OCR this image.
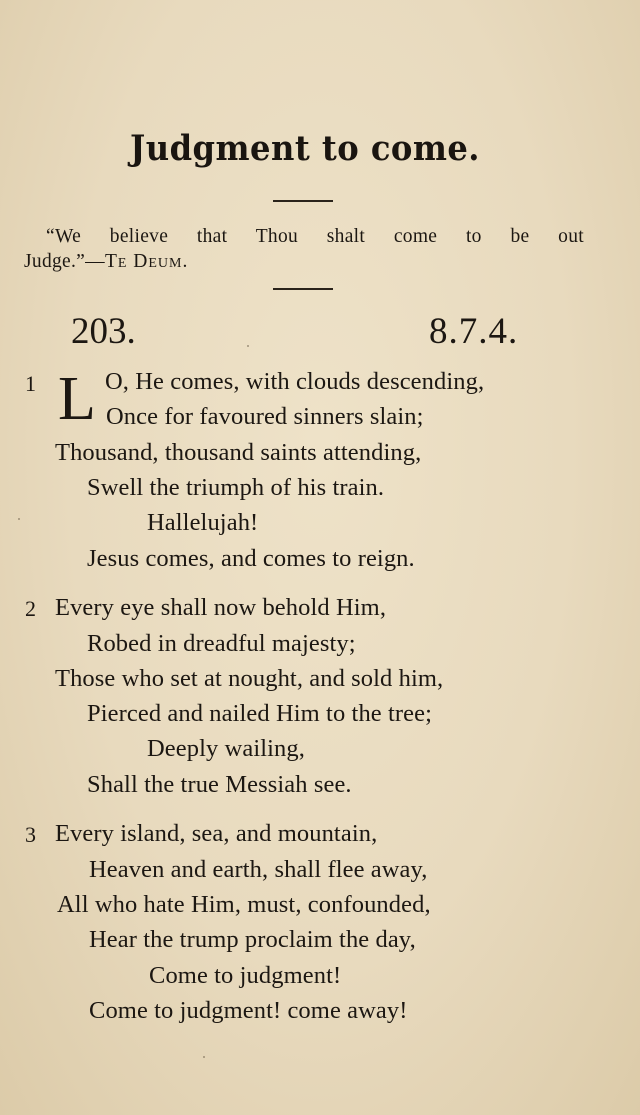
Judgment to come.
“We believe that Thou shalt come to be out
Judge.”—Te Deum.
203.	8.7.4.
1 L O, He comes, with clouds descending,
Once for favoured sinners slain;
Thousand, thousand saints attending,
Swell the triumph of his train.
Hallelujah!
Jesus comes, and comes to reign.
2 Every eye shall now behold Him,
Robed in dreadful majesty;
Those who set at nought, and sold him,
Pierced and nailed Him to the tree;
Deeply wailing,
Shall the true Messiah see.
3 Every island, sea, and mountain,
Heaven and earth, shall flee away,
All who hate Him, must, confounded,
Hear the trump proclaim the day,
Come to judgment!
Come to judgment! come away!
